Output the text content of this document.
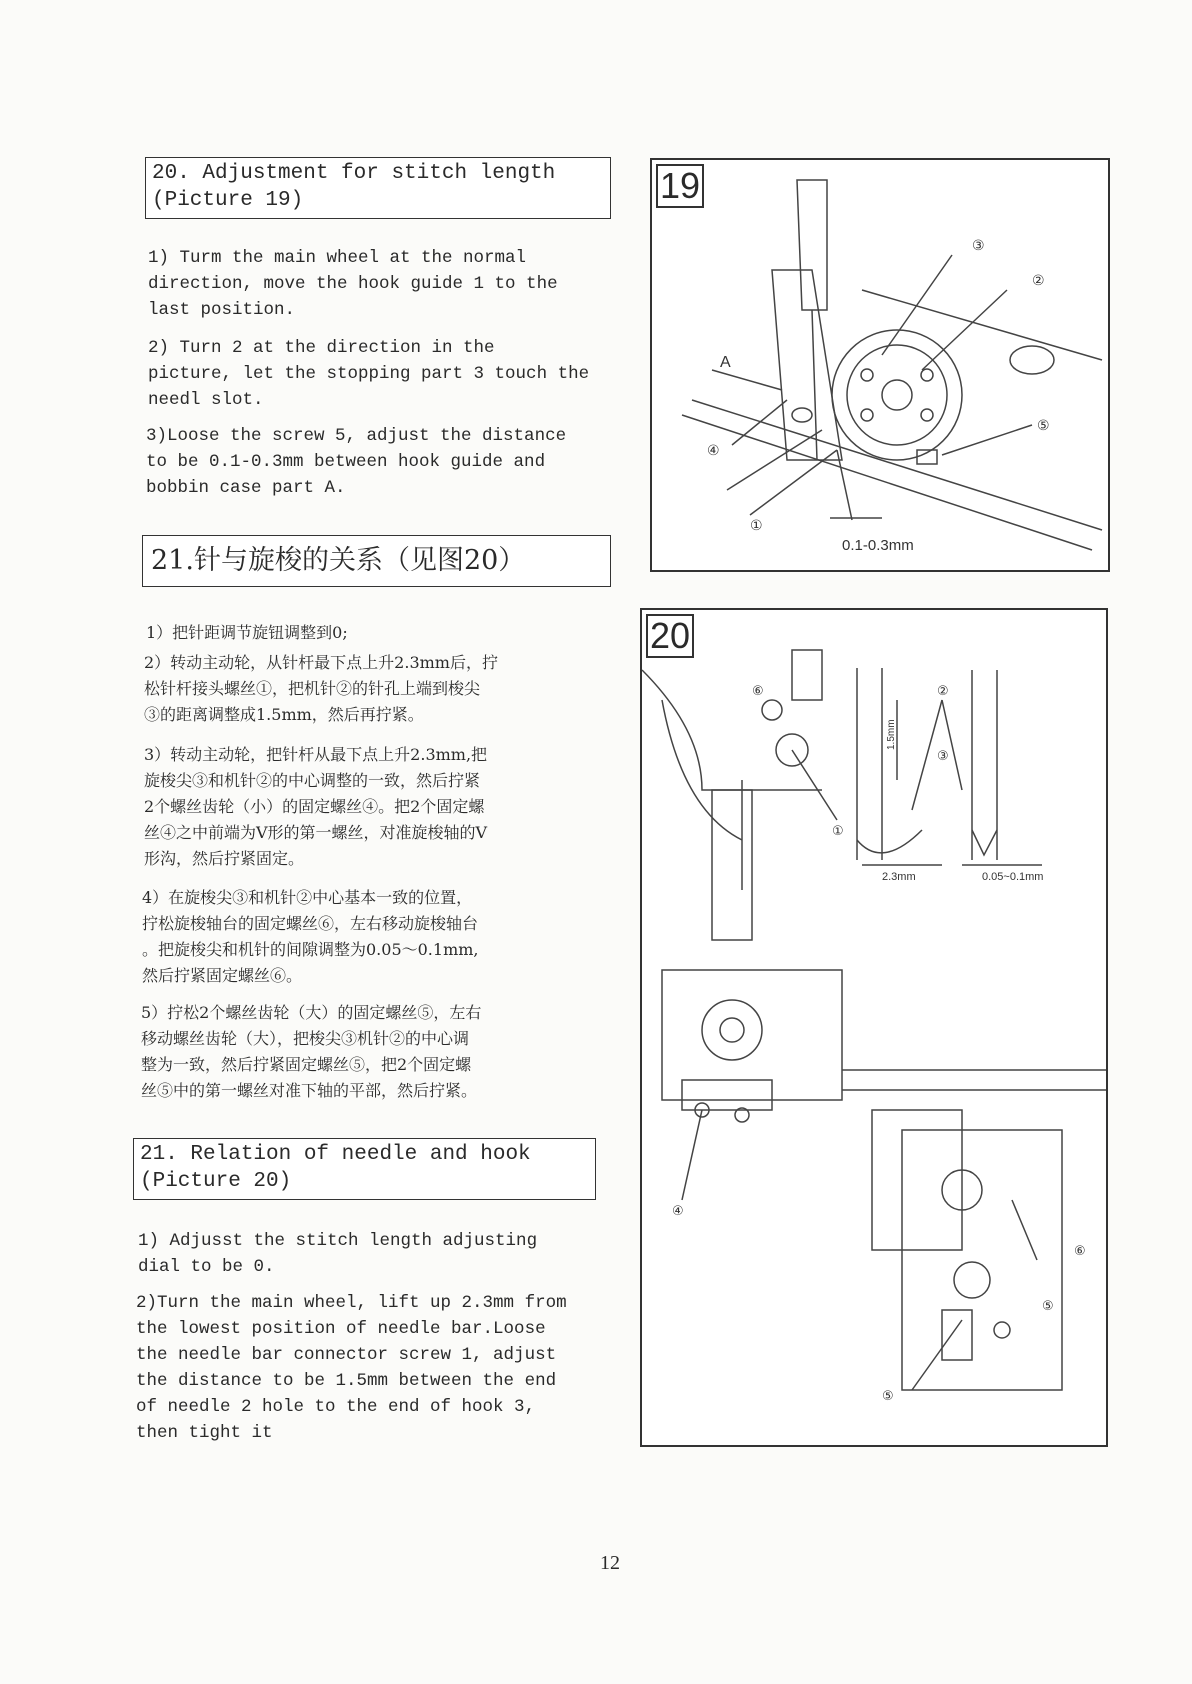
20. Adjustment for stitch length
(Picture 19)
1) Turm the main wheel at the normal
direction, move the hook guide 1 to the
last position.
2) Turn 2 at the direction in the
picture, let the stopping part 3 touch the
needl slot.
3)Loose the screw 5, adjust the distance
to be 0.1-0.3mm between hook guide and
bobbin case part A.
21.针与旋梭的关系（见图20）
1）把针距调节旋钮调整到0;
2）转动主动轮，从针杆最下点上升2.3mm后，拧
松针杆接头螺丝①，把机针②的针孔上端到梭尖
③的距离调整成1.5mm，然后再拧紧。
3）转动主动轮，把针杆从最下点上升2.3mm,把
旋梭尖③和机针②的中心调整的一致，然后拧紧
2个螺丝齿轮（小）的固定螺丝④。把2个固定螺
丝④之中前端为V形的第一螺丝，对准旋梭轴的V
形沟，然后拧紧固定。
4）在旋梭尖③和机针②中心基本一致的位置，
拧松旋梭轴台的固定螺丝⑥，左右移动旋梭轴台
。把旋梭尖和机针的间隙调整为0.05～0.1mm,
然后拧紧固定螺丝⑥。
5）拧松2个螺丝齿轮（大）的固定螺丝⑤，左右
移动螺丝齿轮（大），把梭尖③机针②的中心调
整为一致，然后拧紧固定螺丝⑤，把2个固定螺
丝⑤中的第一螺丝对准下轴的平部，然后拧紧。
21. Relation of needle and hook
(Picture 20)
1) Adjusst the stitch length adjusting
dial to be 0.
2)Turn the main wheel, lift up 2.3mm from
the lowest position of needle bar.Loose
the needle bar connector screw 1, adjust
the distance to be 1.5mm between the end
of needle 2 hole to the end of hook 3,
then tight it
19
A
③
②
⑤
④
①
0.1-0.3mm
20
⑥	②
③
①
2.3mm	0.05~0.1mm
1.5mm
④
⑤
⑥
⑤
12
